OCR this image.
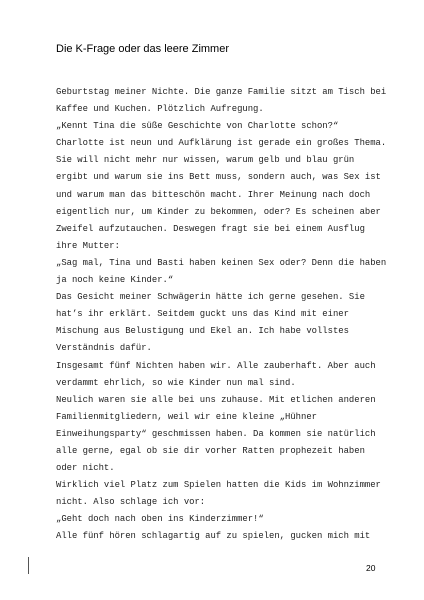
Die K-Frage oder das leere Zimmer
Geburtstag meiner Nichte. Die ganze Familie sitzt am Tisch bei
Kaffee und Kuchen. Plötzlich Aufregung.
„Kennt Tina die süße Geschichte von Charlotte schon?“
Charlotte ist neun und Aufklärung ist gerade ein großes Thema.
Sie will nicht mehr nur wissen, warum gelb und blau grün
ergibt und warum sie ins Bett muss, sondern auch, was Sex ist
und warum man das bitteschön macht. Ihrer Meinung nach doch
eigentlich nur, um Kinder zu bekommen, oder? Es scheinen aber
Zweifel aufzutauchen. Deswegen fragt sie bei einem Ausflug
ihre Mutter:
„Sag mal, Tina und Basti haben keinen Sex oder? Denn die haben
ja noch keine Kinder.“
Das Gesicht meiner Schwägerin hätte ich gerne gesehen. Sie
hat’s ihr erklärt. Seitdem guckt uns das Kind mit einer
Mischung aus Belustigung und Ekel an. Ich habe vollstes
Verständnis dafür.
Insgesamt fünf Nichten haben wir. Alle zauberhaft. Aber auch
verdammt ehrlich, so wie Kinder nun mal sind.
Neulich waren sie alle bei uns zuhause. Mit etlichen anderen
Familienmitgliedern, weil wir eine kleine „Hühner
Einweihungsparty“ geschmissen haben. Da kommen sie natürlich
alle gerne, egal ob sie dir vorher Ratten prophezeit haben
oder nicht.
Wirklich viel Platz zum Spielen hatten die Kids im Wohnzimmer
nicht. Also schlage ich vor:
„Geht doch nach oben ins Kinderzimmer!“
Alle fünf hören schlagartig auf zu spielen, gucken mich mit
20
